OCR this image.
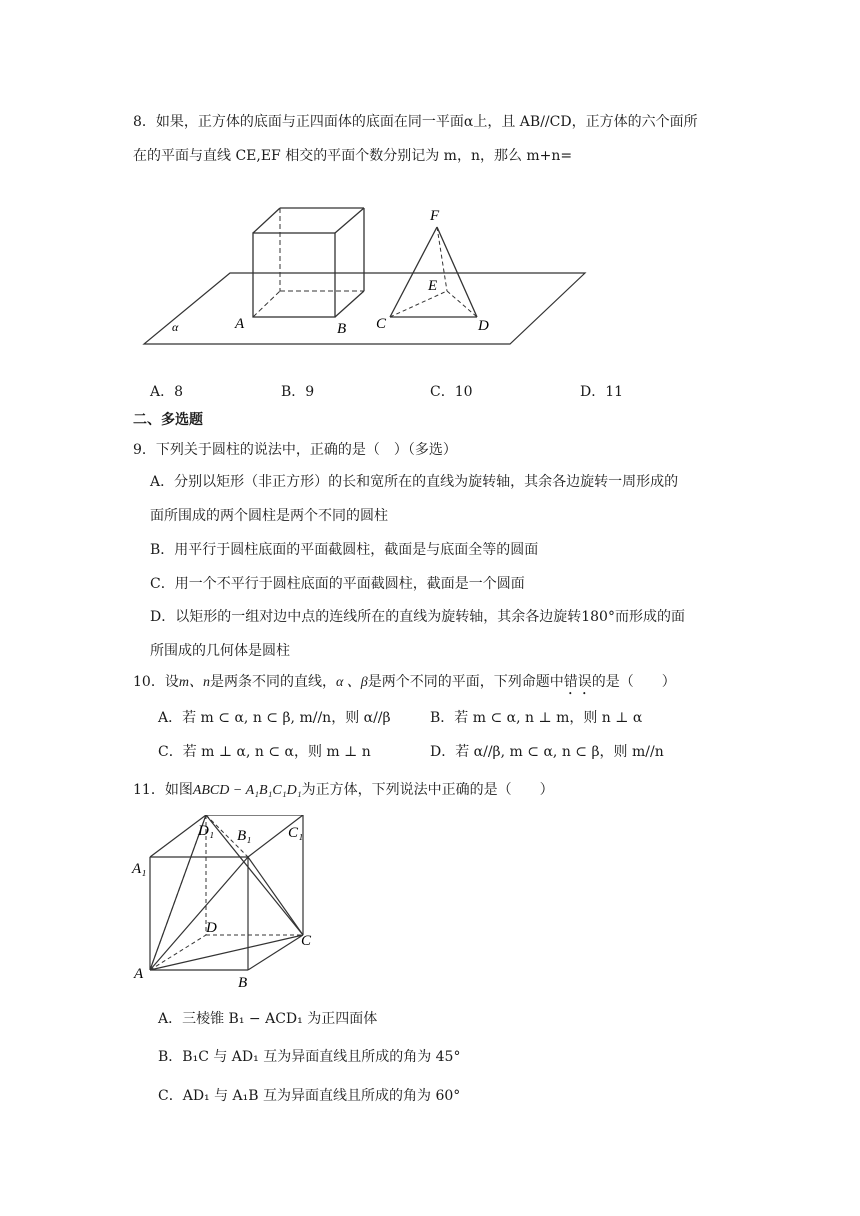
8．如果，正方体的底面与正四面体的底面在同一平面α上，且 AB//CD，正方体的六个面所
在的平面与直线 CE,EF 相交的平面个数分别记为 m，n，那么 m+n=
F
E
A	B C	D
α
A．8	B．9	C．10	D．11
二、多选题
9．下列关于圆柱的说法中，正确的是（　）（多选）
A．分别以矩形（非正方形）的长和宽所在的直线为旋转轴，其余各边旋转一周形成的
面所围成的两个圆柱是两个不同的圆柱
B．用平行于圆柱底面的平面截圆柱，截面是与底面全等的圆面
C．用一个不平行于圆柱底面的平面截圆柱，截面是一个圆面
D．以矩形的一组对边中点的连线所在的直线为旋转轴，其余各边旋转180°而形成的面
所围成的几何体是圆柱
10．设m、n是两条不同的直线，α 、β是两个不同的平面，下列命题中错误的是（　　）
A．若 m ⊂ α, n ⊂ β, m//n，则 α//β	B．若 m ⊂ α, n ⊥ m，则 n ⊥ α
C．若 m ⊥ α, n ⊂ α，则 m ⊥ n	D．若 α//β, m ⊂ α, n ⊂ β，则 m//n
11．如图ABCD − A₁B₁C₁D₁为正方体，下列说法中正确的是（　　）
D₁	C₁
A₁
B₁
D
C
A
B
A．三棱锥 B₁ − ACD₁ 为正四面体
B．B₁C 与 AD₁ 互为异面直线且所成的角为 45°
C．AD₁ 与 A₁B 互为异面直线且所成的角为 60°
